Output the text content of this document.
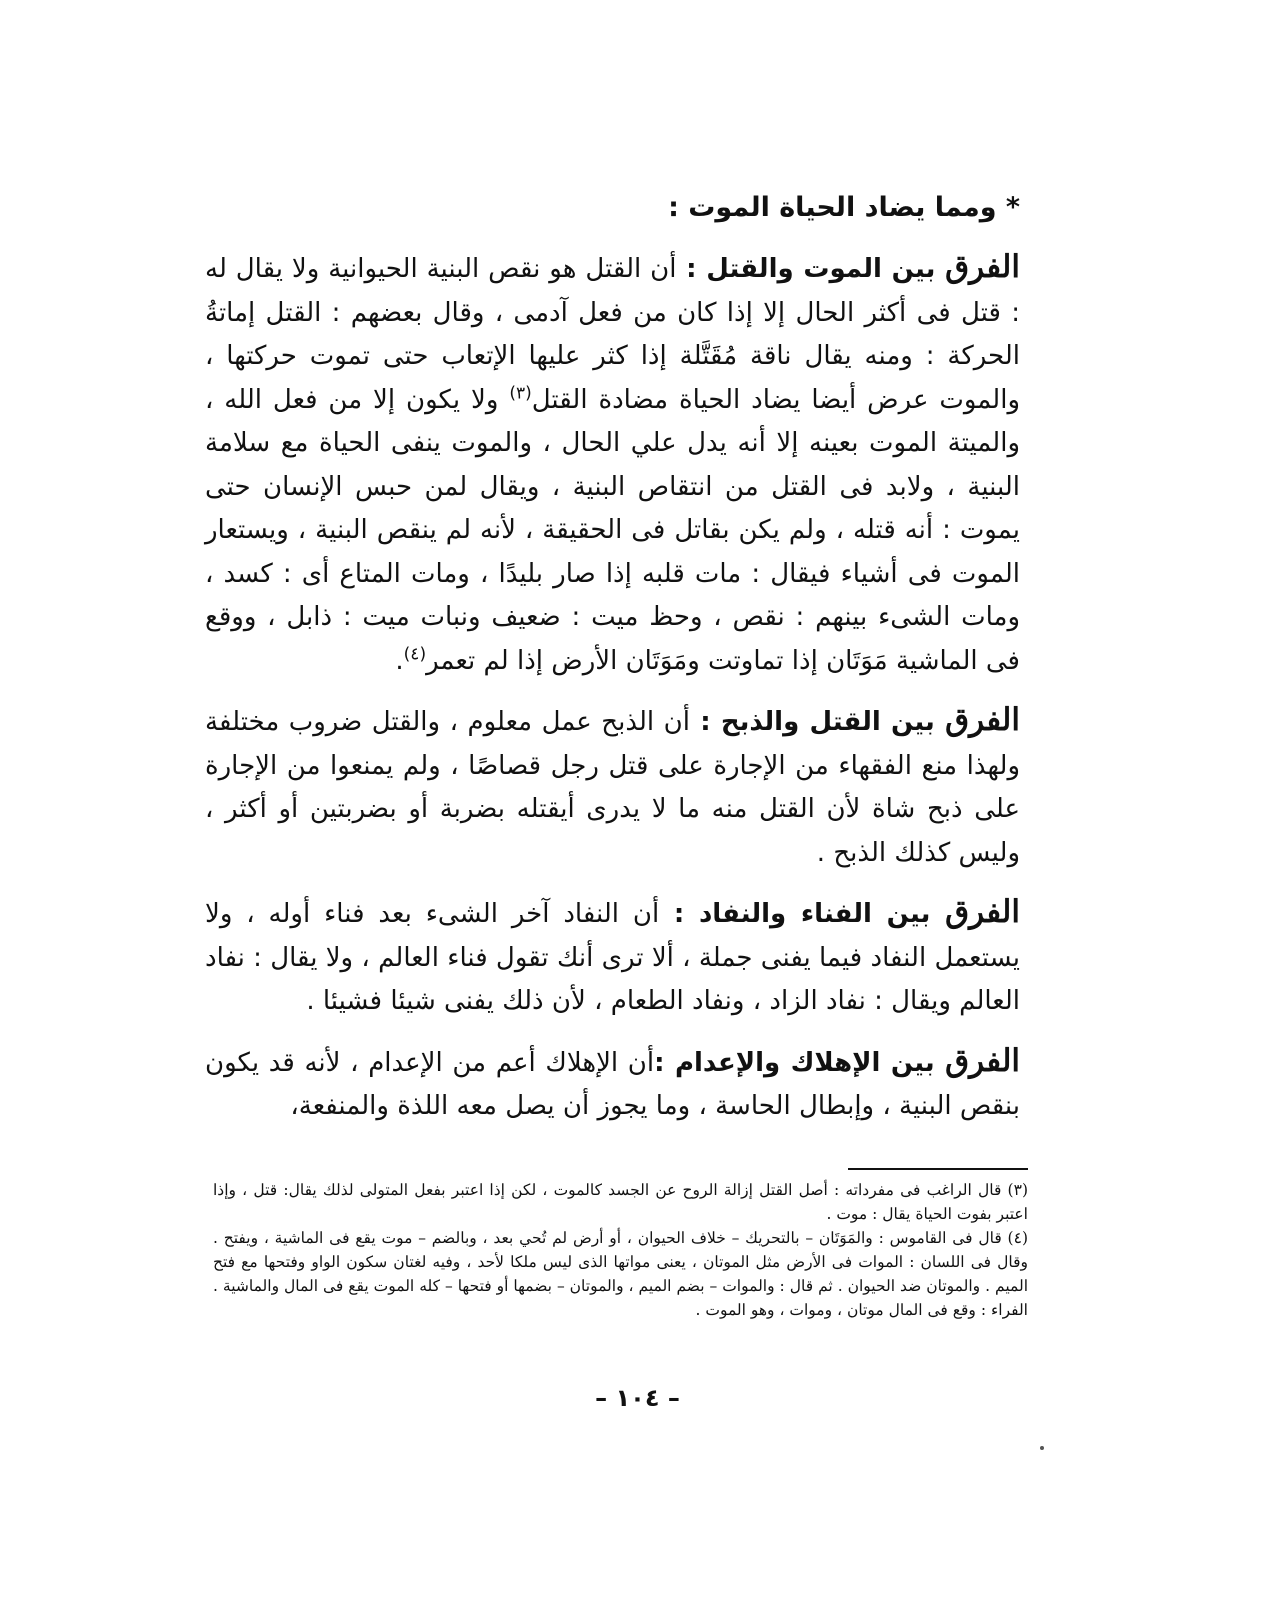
* ومما يضاد الحياة الموت :

الفرق بين الموت والقتل : أن القتل هو نقص البنية الحيوانية ولا يقال له : قتل فى أكثر الحال إلا إذا كان من فعل آدمى ، وقال بعضهم : القتل إماتةُ الحركة : ومنه يقال ناقة مُقَتَّلة إذا كثر عليها الإتعاب حتى تموت حركتها ، والموت عرض أيضا يضاد الحياة مضادة القتل$^{(٣)}$ ولا يكون إلا من فعل الله ، والميتة الموت بعينه إلا أنه يدل علي الحال ، والموت ينفى الحياة مع سلامة البنية ، ولابد فى القتل من انتقاص البنية ، ويقال لمن حبس الإنسان حتى يموت : أنه قتله ، ولم يكن بقاتل فى الحقيقة ، لأنه لم ينقص البنية ، ويستعار الموت فى أشياء فيقال : مات قلبه إذا صار بليدًا ، ومات المتاع أى : كسد ، ومات الشىء بينهم : نقص ، وحظ ميت : ضعيف ونبات ميت : ذابل ، ووقع فى الماشية مَوَتَان إذا تماوتت ومَوَتَان الأرض إذا لم تعمر$^{(٤)}$.

الفرق بين القتل والذبح : أن الذبح عمل معلوم ، والقتل ضروب مختلفة ولهذا منع الفقهاء من الإجارة على قتل رجل قصاصًا ، ولم يمنعوا من الإجارة على ذبح شاة لأن القتل منه ما لا يدرى أيقتله بضربة أو بضربتين أو أكثر ، وليس كذلك الذبح .

الفرق بين الفناء والنفاد : أن النفاد آخر الشىء بعد فناء أوله ، ولا يستعمل النفاد فيما يفنى جملة ، ألا ترى أنك تقول فناء العالم ، ولا يقال : نفاد العالم ويقال : نفاد الزاد ، ونفاد الطعام ، لأن ذلك يفنى شيئا فشيئا .

الفرق بين الإهلاك والإعدام :أن الإهلاك أعم من الإعدام ، لأنه قد يكون بنقص البنية ، وإبطال الحاسة ، وما يجوز أن يصل معه اللذة والمنفعة،

(٣) قال الراغب فى مفرداته : أصل القتل إزالة الروح عن الجسد كالموت ، لكن إذا اعتبر بفعل المتولى لذلك يقال: قتل ، وإذا اعتبر بفوت الحياة يقال : موت .

(٤) قال فى القاموس : والمَوَتَان – بالتحريك – خلاف الحيوان ، أو أرض لم تُحي بعد ، وبالضم – موت يقع فى الماشية ، ويفتح . وقال فى اللسان : الموات فى الأرض مثل الموتان ، يعنى مواتها الذى ليس ملكا لأحد ، وفيه لغتان سكون الواو وفتحها مع فتح الميم . والموتان ضد الحيوان . ثم قال : والموات – بضم الميم ، والموتان – بضمها أو فتحها – كله الموت يقع فى المال والماشية . الفراء : وقع فى المال موتان ، وموات ، وهو الموت .

– ١٠٤ –
